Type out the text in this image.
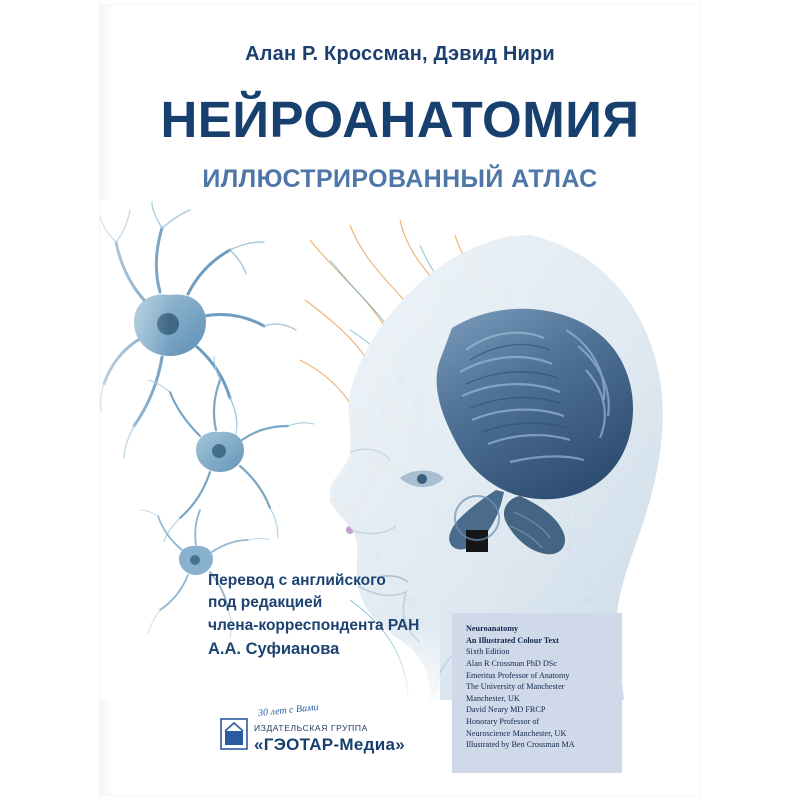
Алан Р. Кроссман, Дэвид Нири
НЕЙРОАНАТОМИЯ
ИЛЛЮСТРИРОВАННЫЙ АТЛАС
Перевод с английского
под редакцией
члена-корреспондента РАН
А.А. Суфианова
Neuroanatomy
An Illustrated Colour Text
Sixth Edition
Alan R Crossman PhD DSc
Emeritus Professor of Anatomy
The University of Manchester
Manchester, UK
David Neary MD FRCP
Honorary Professor of
Neuroscience Manchester, UK
Illustrated by Ben Crossman MA
30 лет с Вами
ИЗДАТЕЛЬСКАЯ ГРУППА
«ГЭОТАР-Медиа»
